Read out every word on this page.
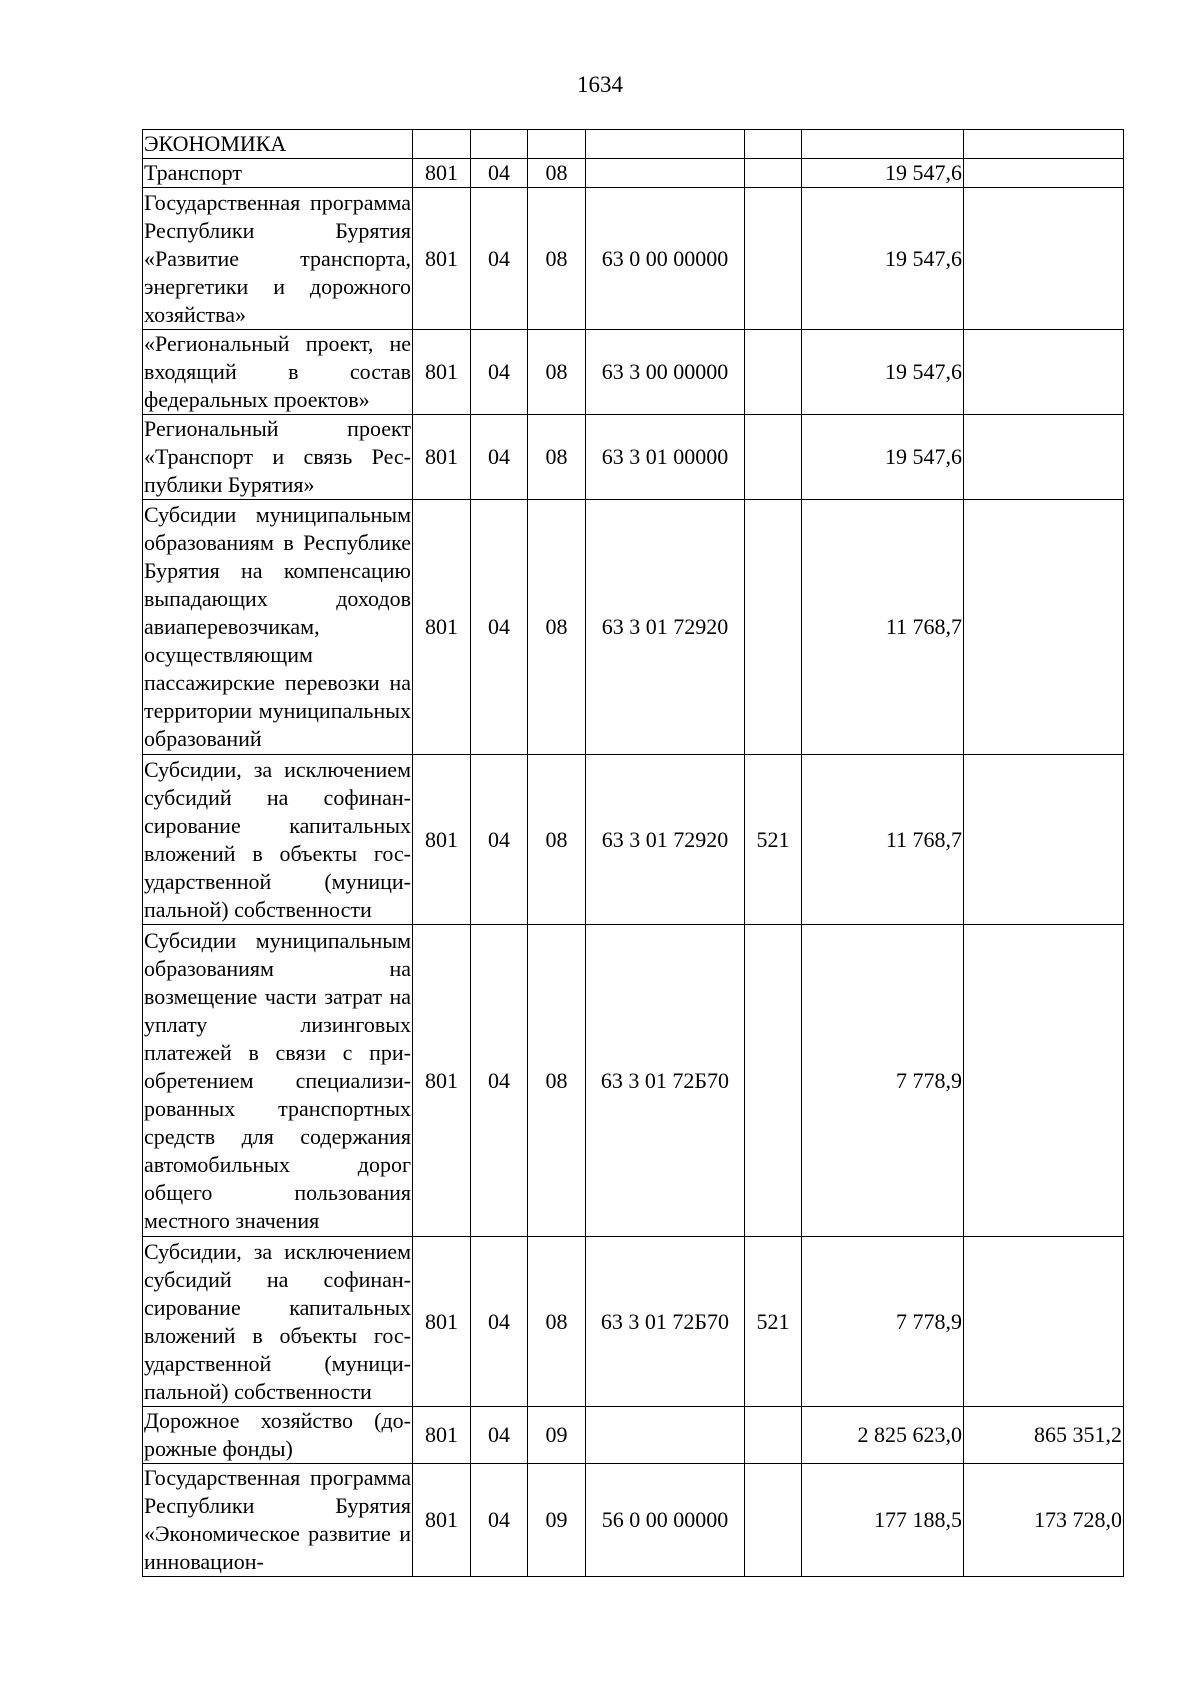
1634
ЭКОНОМИКА							
Транспорт	801	04	08			19 547,6	
Государственная программа Республики Бурятия «Развитие транспорта, энергетики и дорожного хозяйства»	801	04	08	63 0 00 00000		19 547,6	
«Региональный проект, не входящий в состав федеральных проектов»	801	04	08	63 3 00 00000		19 547,6	
Региональный проект «Транспорт и связь Республики Бурятия»	801	04	08	63 3 01 00000		19 547,6	
Субсидии муниципальным образованиям в Республике Бурятия на компенсацию выпадающих доходов авиаперевозчикам, осуществляющим пассажирские перевозки на территории муниципальных образований	801	04	08	63 3 01 72920		11 768,7	
Субсидии, за исключением субсидий на софинансирование капитальных вложений в объекты государственной (муниципальной) собственности	801	04	08	63 3 01 72920	521	11 768,7	
Субсидии муниципальным образованиям на возмещение части затрат на уплату лизинговых платежей в связи с приобретением специализированных транспортных средств для содержания автомобильных дорог общего пользования местного значения	801	04	08	63 3 01 72Б70		7 778,9	
Субсидии, за исключением субсидий на софинансирование капитальных вложений в объекты государственной (муниципальной) собственности	801	04	08	63 3 01 72Б70	521	7 778,9	
Дорожное хозяйство (дорожные фонды)	801	04	09			2 825 623,0	865 351,2
Государственная программа Республики Бурятия «Экономическое развитие и инновацион-	801	04	09	56 0 00 00000		177 188,5	173 728,0
